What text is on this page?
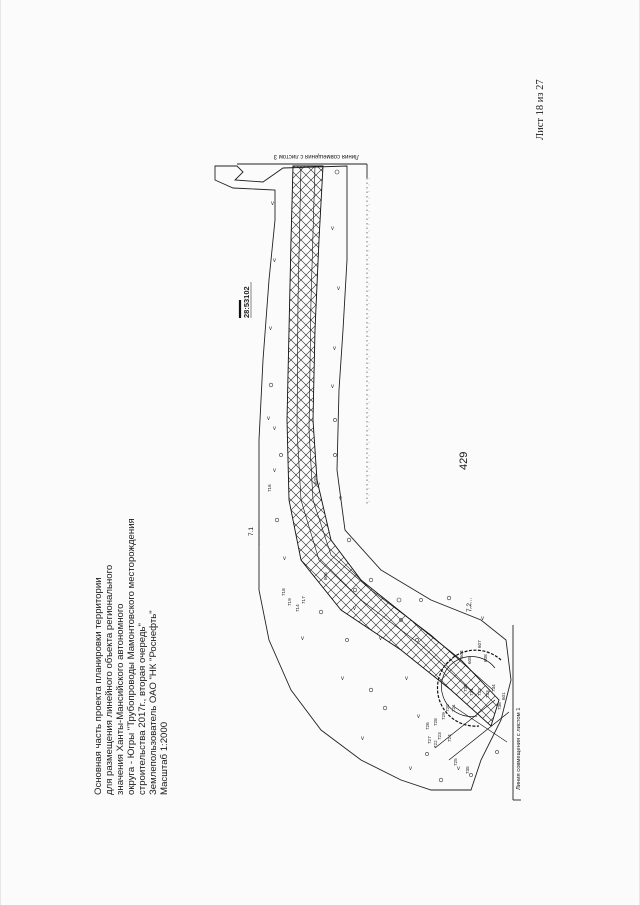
429
Лист 18 из 27
Основная часть проекта планировки территории для размещения линейного объекта регионального значения Ханты-Мансийского автономного округа - Югры "Трубопроводы Мамонтовского месторождения строительства 2017г., вторая очередь" Землепользователь ОАО "НК "Роснефть" Масштаб 1:2000
Линия совмещения с листом 3
v
v
v
v
v
v
v
v
v
v
v
v
v
v
v	v
v
v
v
v
v
v
v
28:53102
7.1
7.2
Линия совмещения с листом 1
716
718
719
714
717
606
609
722
723 724
725
726
727
728
729
720 721
730
731 732 733
734
735
736
604
605
607
608
601
